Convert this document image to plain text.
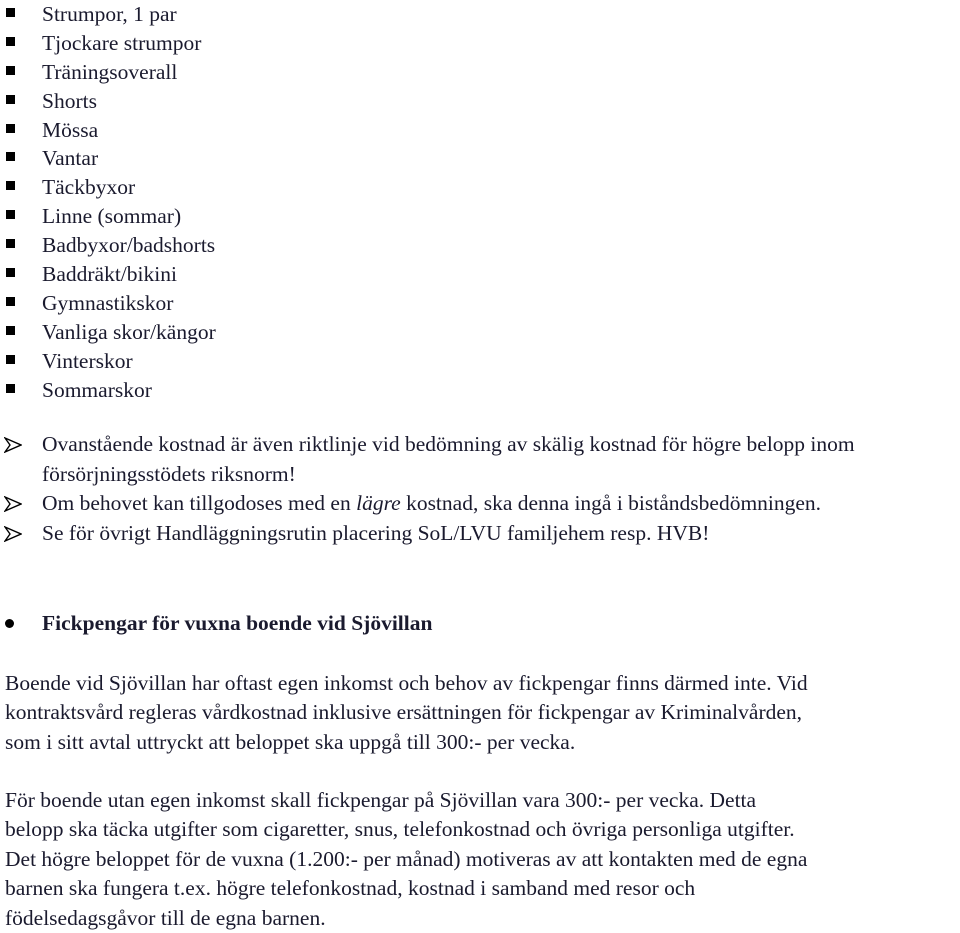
Strumpor, 1 par
Tjockare strumpor
Träningsoverall
Shorts
Mössa
Vantar
Täckbyxor
Linne (sommar)
Badbyxor/badshorts
Baddräkt/bikini
Gymnastikskor
Vanliga skor/kängor
Vinterskor
Sommarskor
Ovanstående kostnad är även riktlinje vid bedömning av skälig kostnad för högre belopp inom försörjningsstödets riksnorm!
Om behovet kan tillgodoses med en lägre kostnad, ska denna ingå i biståndsbedömningen.
Se för övrigt Handläggningsrutin placering SoL/LVU familjehem resp. HVB!
Fickpengar för vuxna boende vid Sjövillan

Boende vid Sjövillan har oftast egen inkomst och behov av fickpengar finns därmed inte. Vid
kontraktsvård regleras vårdkostnad inklusive ersättningen för fickpengar av Kriminalvården,
som i sitt avtal uttryckt att beloppet ska uppgå till 300:- per vecka.

För boende utan egen inkomst skall fickpengar på Sjövillan vara 300:- per vecka. Detta
belopp ska täcka utgifter som cigaretter, snus, telefonkostnad och övriga personliga utgifter.
Det högre beloppet för de vuxna (1.200:- per månad) motiveras av att kontakten med de egna
barnen ska fungera t.ex. högre telefonkostnad, kostnad i samband med resor och
födelsedagsgåvor till de egna barnen.
